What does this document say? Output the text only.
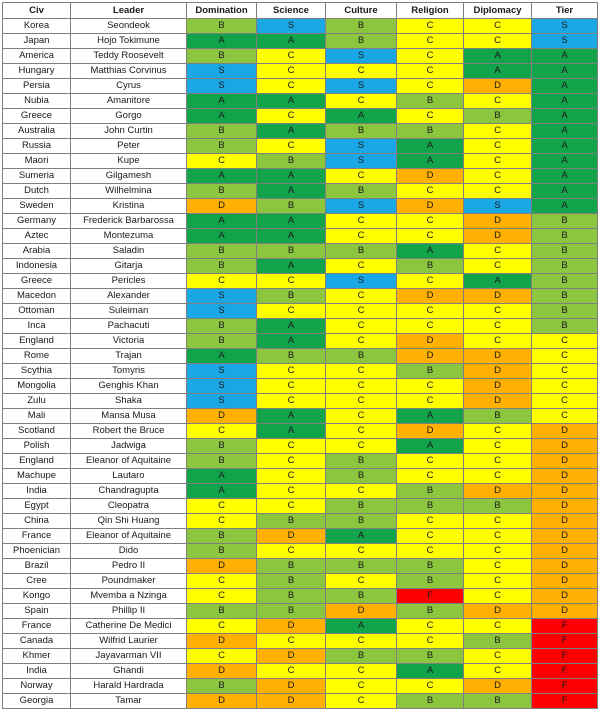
Civ	Leader	Domination	Science	Culture	Religion	Diplomacy	Tier
Korea	Seondeok	B	S	B	C	C	S
Japan	Hojo Tokimune	A	A	B	C	C	S
America	Teddy Roosevelt	B	C	S	C	A	A
Hungary	Matthias Corvinus	S	C	C	C	A	A
Persia	Cyrus	S	C	S	C	D	A
Nubia	Amanitore	A	A	C	B	C	A
Greece	Gorgo	A	C	A	C	B	A
Australia	John Curtin	B	A	B	B	C	A
Russia	Peter	B	C	S	A	C	A
Maori	Kupe	C	B	S	A	C	A
Sumeria	Gilgamesh	A	A	C	D	C	A
Dutch	Wilhelmina	B	A	B	C	C	A
Sweden	Kristina	D	B	S	D	S	A
Germany	Frederick Barbarossa	A	A	C	C	D	B
Aztec	Montezuma	A	A	C	C	D	B
Arabia	Saladin	B	B	B	A	C	B
Indonesia	Gitarja	B	A	C	B	C	B
Greece	Pericles	C	C	S	C	A	B
Macedon	Alexander	S	B	C	D	D	B
Ottoman	Suleiman	S	C	C	C	C	B
Inca	Pachacuti	B	A	C	C	C	B
England	Victoria	B	A	C	D	C	C
Rome	Trajan	A	B	B	D	D	C
Scythia	Tomyris	S	C	C	B	D	C
Mongolia	Genghis Khan	S	C	C	C	D	C
Zulu	Shaka	S	C	C	C	D	C
Mali	Mansa Musa	D	A	C	A	B	C
Scotland	Robert the Bruce	C	A	C	D	C	D
Polish	Jadwiga	B	C	C	A	C	D
England	Eleanor of Aquitaine	B	C	B	C	C	D
Machupe	Lautaro	A	C	B	C	C	D
India	Chandragupta	A	C	C	B	D	D
Egypt	Cleopatra	C	C	B	B	B	D
China	Qin Shi Huang	C	B	B	C	C	D
France	Eleanor of Aquitaine	B	D	A	C	C	D
Phoenician	Dido	B	C	C	C	C	D
Brazil	Pedro II	D	B	B	B	C	D
Cree	Poundmaker	C	B	C	B	C	D
Kongo	Mvemba a Nzinga	C	B	B	F	C	D
Spain	Phillip II	B	B	D	B	D	D
France	Catherine De Medici	C	D	A	C	C	F
Canada	Wilfrid Laurier	D	C	C	C	B	F
Khmer	Jayavarman VII	C	D	B	B	C	F
India	Ghandi	D	C	C	A	C	F
Norway	Harald Hardrada	B	D	C	C	D	F
Georgia	Tamar	D	D	C	B	B	F
